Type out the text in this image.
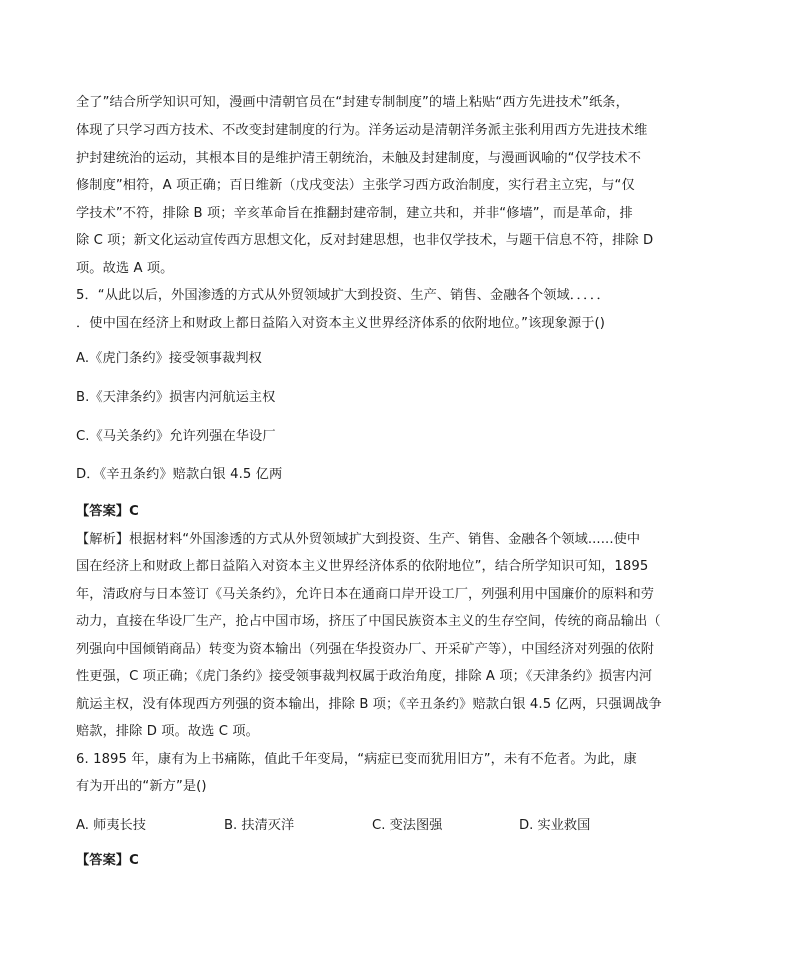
全了”结合所学知识可知，漫画中清朝官员在“封建专制制度”的墙上粘贴“西方先进技术”纸条，
体现了只学习西方技术、不改变封建制度的行为。洋务运动是清朝洋务派主张利用西方先进技术维
护封建统治的运动，其根本目的是维护清王朝统治，未触及封建制度，与漫画讽喻的“仅学技术不
修制度”相符，A 项正确；百日维新（戊戌变法）主张学习西方政治制度，实行君主立宪，与“仅
学技术”不符，排除 B 项；辛亥革命旨在推翻封建帝制，建立共和，并非“修墙”，而是革命，排
除 C 项；新文化运动宣传西方思想文化，反对封建思想，也非仅学技术，与题干信息不符，排除 D
项。故选 A 项。
5．“从此以后，外国渗透的方式从外贸领域扩大到投资、生产、销售、金融各个领域．．．．．
．使中国在经济上和财政上都日益陷入对资本主义世界经济体系的依附地位。”该现象源于()
A.《虎门条约》接受领事裁判权
B.《天津条约》损害内河航运主权
C.《马关条约》允许列强在华设厂
D．《辛丑条约》赔款白银 4.5 亿两
【答案】C
【解析】根据材料“外国渗透的方式从外贸领域扩大到投资、生产、销售、金融各个领域......使中
国在经济上和财政上都日益陷入对资本主义世界经济体系的依附地位”，结合所学知识可知，1895
年，清政府与日本签订《马关条约》，允许日本在通商口岸开设工厂，列强利用中国廉价的原料和劳
动力，直接在华设厂生产，抢占中国市场，挤压了中国民族资本主义的生存空间，传统的商品输出（
列强向中国倾销商品）转变为资本输出（列强在华投资办厂、开采矿产等），中国经济对列强的依附
性更强，C 项正确；《虎门条约》接受领事裁判权属于政治角度，排除 A 项；《天津条约》损害内河
航运主权，没有体现西方列强的资本输出，排除 B 项；《辛丑条约》赔款白银 4.5 亿两，只强调战争
赔款，排除 D 项。故选 C 项。
6. 1895 年，康有为上书痛陈，值此千年变局，“病症已变而犹用旧方”，未有不危者。为此，康
有为开出的“新方”是()
A. 师夷长技	B. 扶清灭洋	C. 变法图强	D. 实业救国
【答案】C
